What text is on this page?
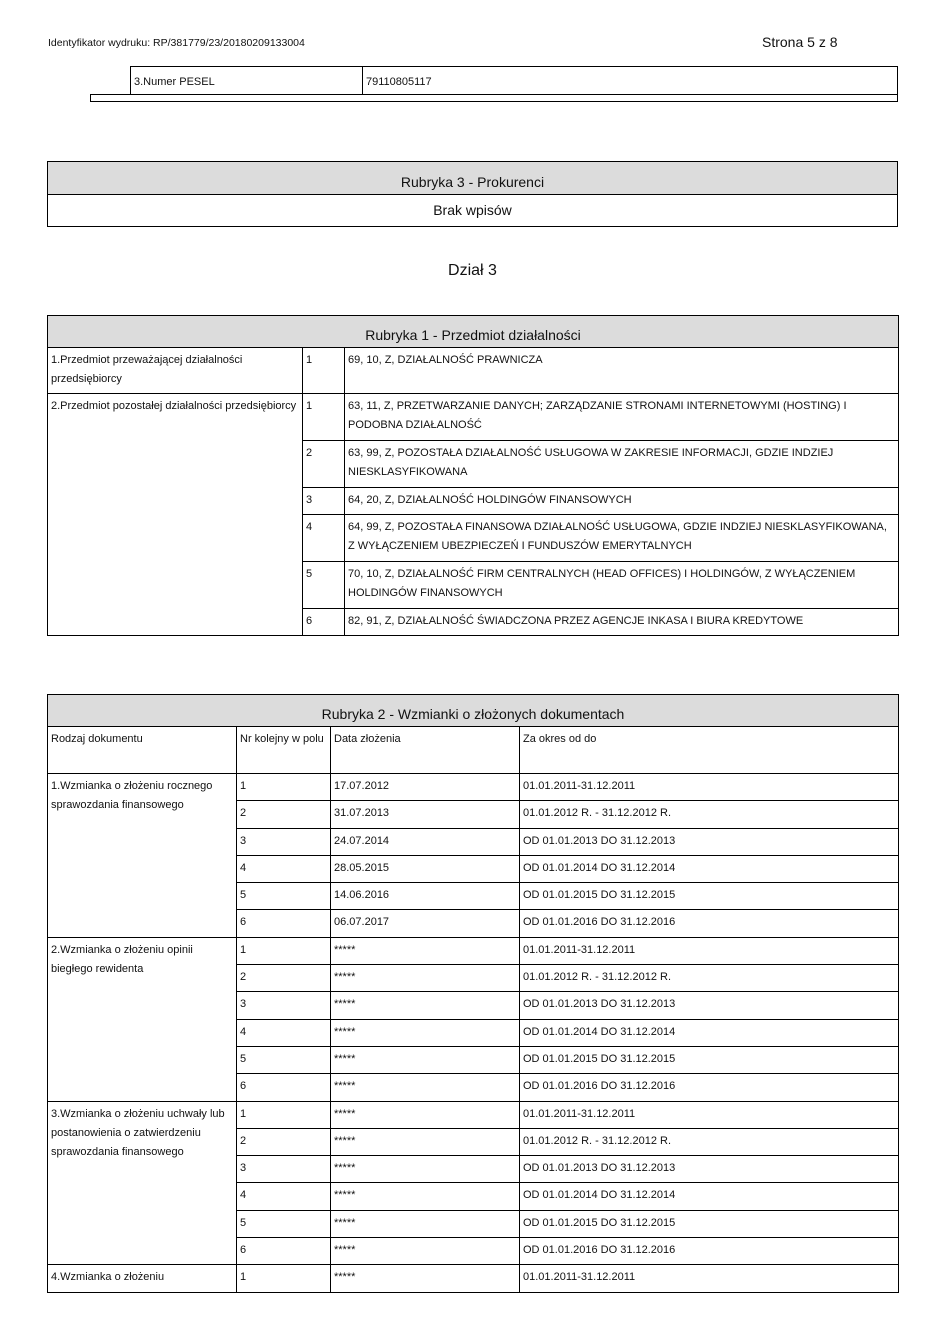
Identyfikator wydruku: RP/381779/23/20180209133004	Strona 5 z 8
3.Numer PESEL	79110805117
Rubryka 3 - Prokurenci
Brak wpisów
Dział 3
Rubryka 1 - Przedmiot działalności		
1.Przedmiot przeważającej działalności przedsiębiorcy	1	69, 10, Z, DZIAŁALNOŚĆ PRAWNICZA
2.Przedmiot pozostałej działalności przedsiębiorcy	1	63, 11, Z, PRZETWARZANIE DANYCH; ZARZĄDZANIE STRONAMI INTERNETOWYMI (HOSTING) I PODOBNA DZIAŁALNOŚĆ
	2	63, 99, Z, POZOSTAŁA DZIAŁALNOŚĆ USŁUGOWA W ZAKRESIE INFORMACJI, GDZIE INDZIEJ NIESKLASYFIKOWANA
	3	64, 20, Z, DZIAŁALNOŚĆ HOLDINGÓW FINANSOWYCH
	4	64, 99, Z, POZOSTAŁA FINANSOWA DZIAŁALNOŚĆ USŁUGOWA, GDZIE INDZIEJ NIESKLASYFIKOWANA, Z WYŁĄCZENIEM UBEZPIECZEŃ I FUNDUSZÓW EMERYTALNYCH
	5	70, 10, Z, DZIAŁALNOŚĆ FIRM CENTRALNYCH (HEAD OFFICES) I HOLDINGÓW, Z WYŁĄCZENIEM HOLDINGÓW FINANSOWYCH
	6	82, 91, Z, DZIAŁALNOŚĆ ŚWIADCZONA PRZEZ AGENCJE INKASA I BIURA KREDYTOWE
Rubryka 2 - Wzmianki o złożonych dokumentach			
Rodzaj dokumentu	Nr kolejny w polu	Data złożenia	Za okres od do
1.Wzmianka o złożeniu rocznego sprawozdania finansowego	1	17.07.2012	01.01.2011-31.12.2011
	2	31.07.2013	01.01.2012 R. - 31.12.2012 R.
	3	24.07.2014	OD 01.01.2013 DO 31.12.2013
	4	28.05.2015	OD 01.01.2014 DO 31.12.2014
	5	14.06.2016	OD 01.01.2015 DO 31.12.2015
	6	06.07.2017	OD 01.01.2016 DO 31.12.2016
2.Wzmianka o złożeniu opinii biegłego rewidenta	1	*****	01.01.2011-31.12.2011
	2	*****	01.01.2012 R. - 31.12.2012 R.
	3	*****	OD 01.01.2013 DO 31.12.2013
	4	*****	OD 01.01.2014 DO 31.12.2014
	5	*****	OD 01.01.2015 DO 31.12.2015
	6	*****	OD 01.01.2016 DO 31.12.2016
3.Wzmianka o złożeniu uchwały lub postanowienia o zatwierdzeniu sprawozdania finansowego	1	*****	01.01.2011-31.12.2011
	2	*****	01.01.2012 R. - 31.12.2012 R.
	3	*****	OD 01.01.2013 DO 31.12.2013
	4	*****	OD 01.01.2014 DO 31.12.2014
	5	*****	OD 01.01.2015 DO 31.12.2015
	6	*****	OD 01.01.2016 DO 31.12.2016
4.Wzmianka o złożeniu	1	*****	01.01.2011-31.12.2011
